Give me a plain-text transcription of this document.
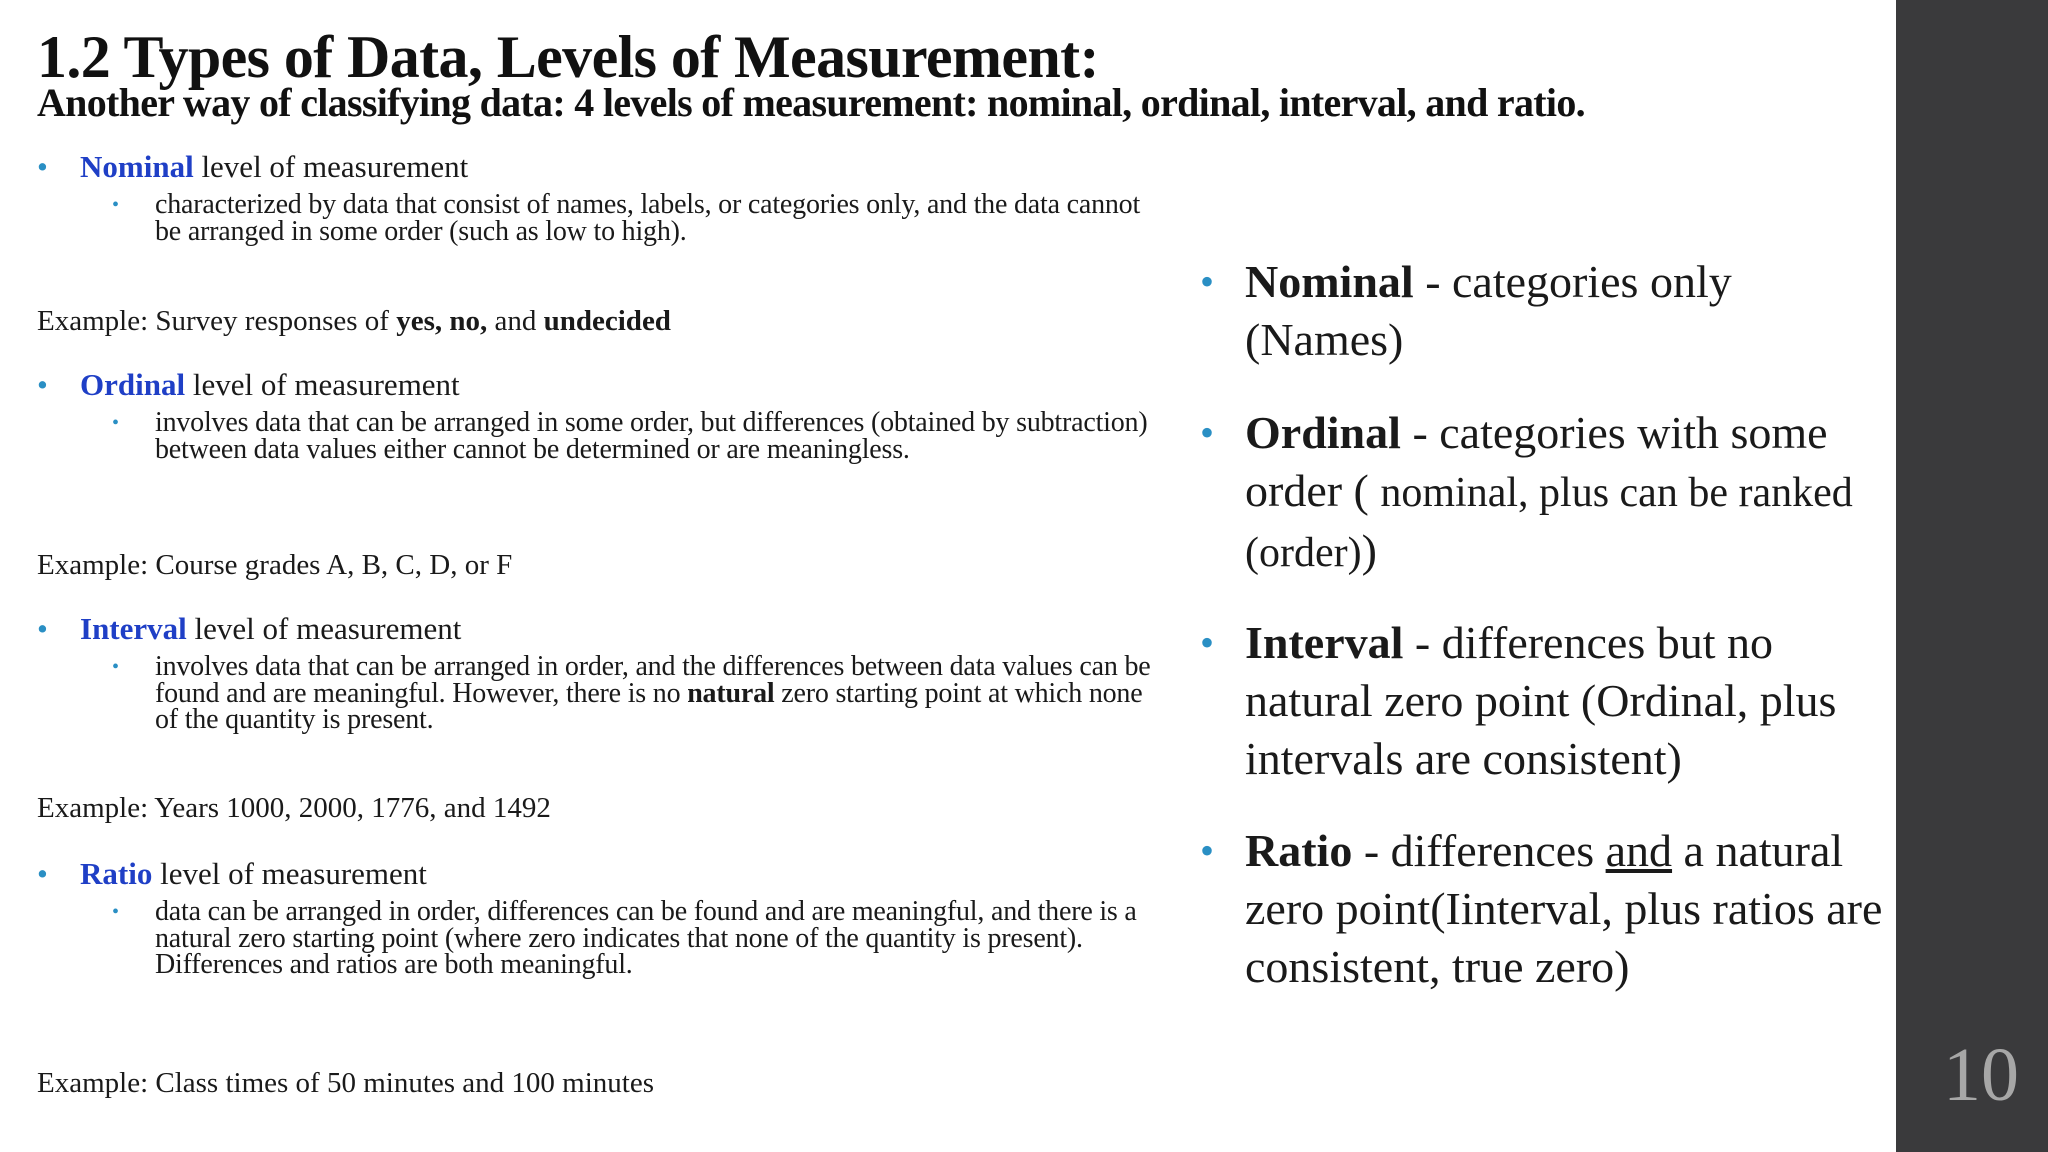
10
1.2 Types of Data, Levels of Measurement:
Another way of classifying data: 4 levels of measurement: nominal, ordinal, interval, and ratio.
• Nominal level of measurement
• characterized by data that consist of names, labels, or categories only, and the data cannot be arranged in some order (such as low to high).
Example: Survey responses of yes, no, and undecided
• Ordinal level of measurement
• involves data that can be arranged in some order, but differences (obtained by subtraction) between data values either cannot be determined or are meaningless.
Example: Course grades A, B, C, D, or F
• Interval level of measurement
• involves data that can be arranged in order, and the differences between data values can be found and are meaningful. However, there is no natural zero starting point at which none of the quantity is present.
Example: Years 1000, 2000, 1776, and 1492
• Ratio level of measurement
• data can be arranged in order, differences can be found and are meaningful, and there is a natural zero starting point (where zero indicates that none of the quantity is present). Differences and ratios are both meaningful.
Example: Class times of 50 minutes and 100 minutes
• Nominal - categories only (Names)
• Ordinal - categories with some order ( nominal, plus can be ranked (order))
• Interval - differences but no natural zero point (Ordinal, plus intervals are consistent)
• Ratio - differences and a natural zero point(Iinterval, plus ratios are consistent, true zero)
